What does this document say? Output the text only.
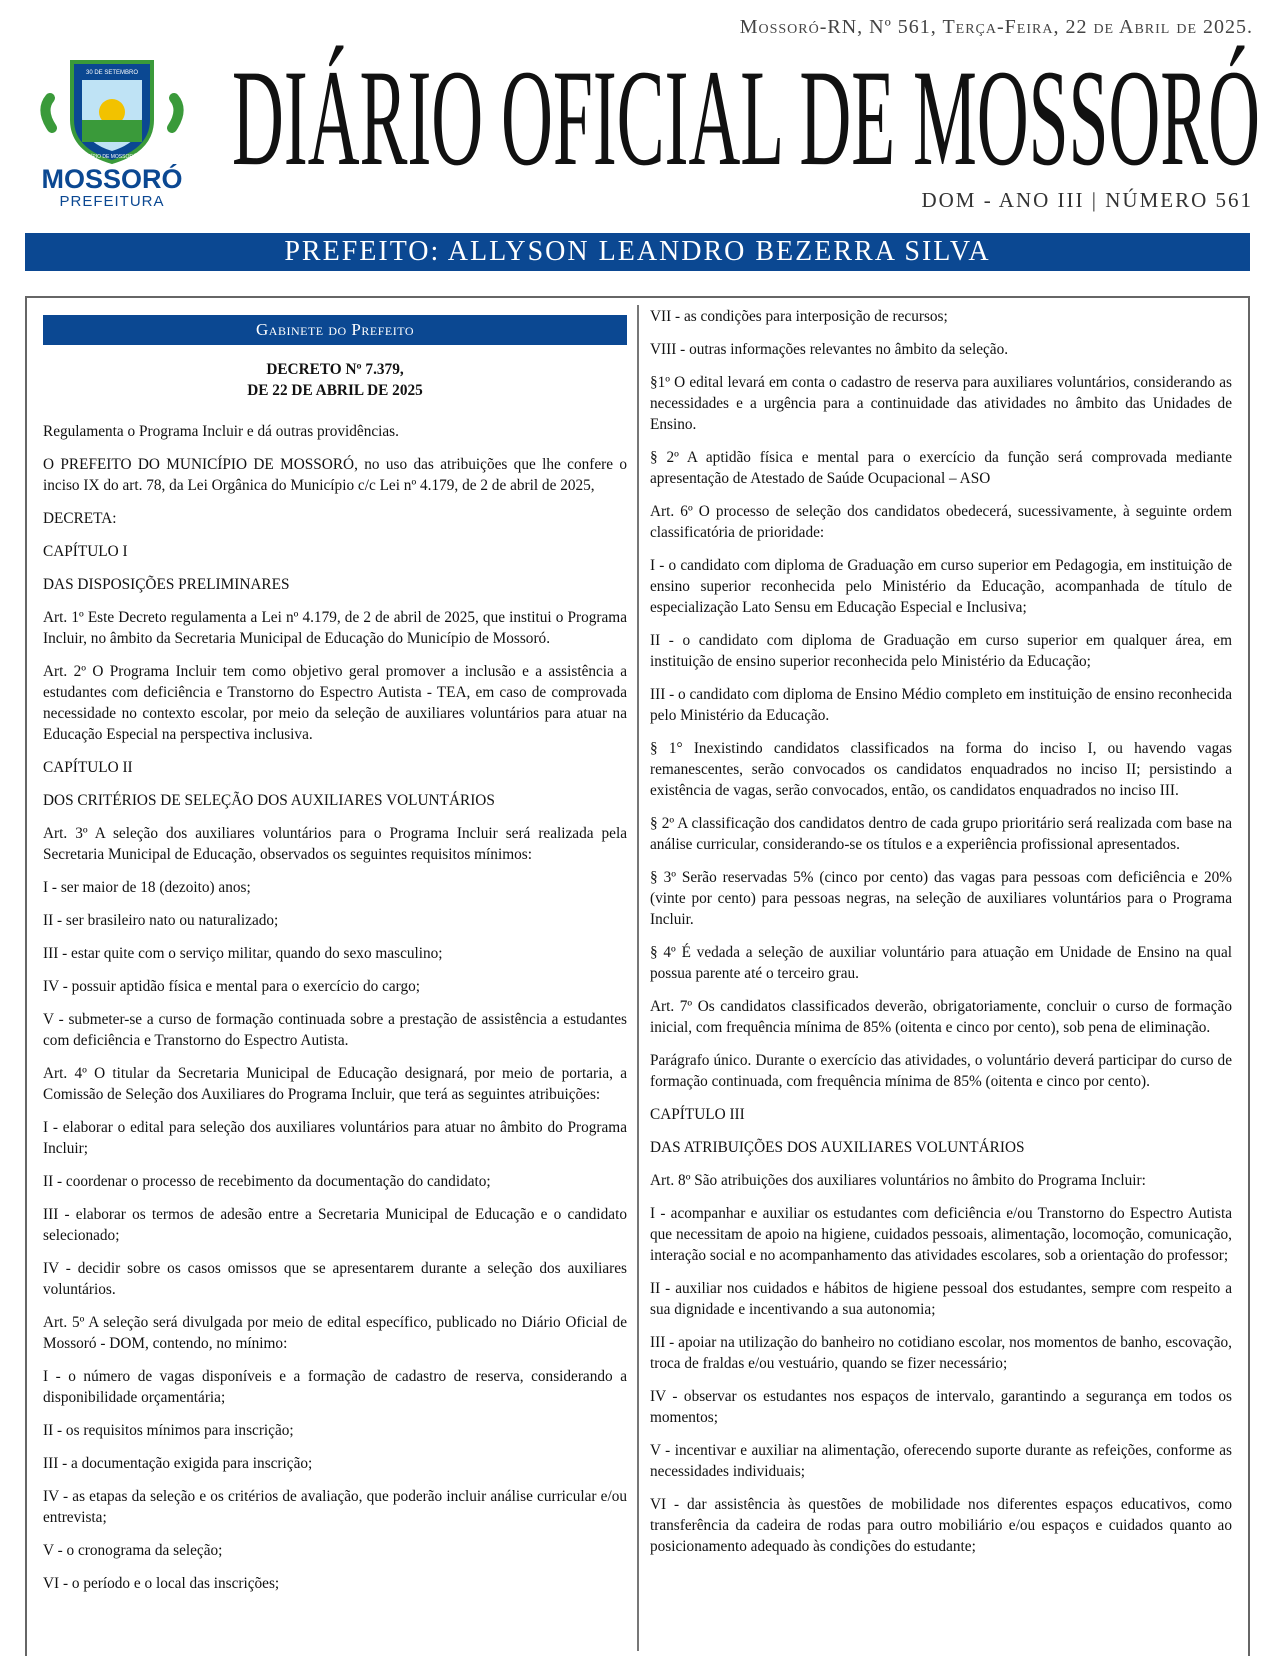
Mossoró-RN, Nº 561, Terça-Feira, 22 de Abril de 2025.
30 DE SETEMBRO
MUNICÍPIO DE MOSSORÓ 1852
MOSSORÓ
PREFEITURA
DIÁRIO OFICIAL DE MOSSORÓ
DOM - ANO III | NÚMERO 561
PREFEITO: ALLYSON LEANDRO BEZERRA SILVA
Gabinete do Prefeito
DECRETO Nº 7.379,
DE 22 DE ABRIL DE 2025

Regulamenta o Programa Incluir e dá outras providências.

O PREFEITO DO MUNICÍPIO DE MOSSORÓ, no uso das atribuições que lhe confere o inciso IX do art. 78, da Lei Orgânica do Município c/c Lei nº 4.179, de 2 de abril de 2025,

DECRETA:

CAPÍTULO I

DAS DISPOSIÇÕES PRELIMINARES

Art. 1º Este Decreto regulamenta a Lei nº 4.179, de 2 de abril de 2025, que institui o Programa Incluir, no âmbito da Secretaria Municipal de Educação do Município de Mossoró.

Art. 2º O Programa Incluir tem como objetivo geral promover a inclusão e a assistência a estudantes com deficiência e Transtorno do Espectro Autista - TEA, em caso de comprovada necessidade no contexto escolar, por meio da seleção de auxiliares voluntários para atuar na Educação Especial na perspectiva inclusiva.

CAPÍTULO II

DOS CRITÉRIOS DE SELEÇÃO DOS AUXILIARES VOLUNTÁRIOS

Art. 3º A seleção dos auxiliares voluntários para o Programa Incluir será realizada pela Secretaria Municipal de Educação, observados os seguintes requisitos mínimos:

I - ser maior de 18 (dezoito) anos;

II - ser brasileiro nato ou naturalizado;

III - estar quite com o serviço militar, quando do sexo masculino;

IV - possuir aptidão física e mental para o exercício do cargo;

V - submeter-se a curso de formação continuada sobre a prestação de assistência a estudantes com deficiência e Transtorno do Espectro Autista.

Art. 4º O titular da Secretaria Municipal de Educação designará, por meio de portaria, a Comissão de Seleção dos Auxiliares do Programa Incluir, que terá as seguintes atribuições:

I - elaborar o edital para seleção dos auxiliares voluntários para atuar no âmbito do Programa Incluir;

II - coordenar o processo de recebimento da documentação do candidato;

III - elaborar os termos de adesão entre a Secretaria Municipal de Educação e o candidato selecionado;

IV - decidir sobre os casos omissos que se apresentarem durante a seleção dos auxiliares voluntários.

Art. 5º A seleção será divulgada por meio de edital específico, publicado no Diário Oficial de Mossoró - DOM, contendo, no mínimo:

I - o número de vagas disponíveis e a formação de cadastro de reserva, considerando a disponibilidade orçamentária;

II - os requisitos mínimos para inscrição;

III - a documentação exigida para inscrição;

IV - as etapas da seleção e os critérios de avaliação, que poderão incluir análise curricular e/ou entrevista;

V - o cronograma da seleção;

VI - o período e o local das inscrições;

VII - as condições para interposição de recursos;

VIII - outras informações relevantes no âmbito da seleção.

§1º O edital levará em conta o cadastro de reserva para auxiliares voluntários, considerando as necessidades e a urgência para a continuidade das atividades no âmbito das Unidades de Ensino.

§ 2º A aptidão física e mental para o exercício da função será comprovada mediante apresentação de Atestado de Saúde Ocupacional – ASO

Art. 6º O processo de seleção dos candidatos obedecerá, sucessivamente, à seguinte ordem classificatória de prioridade:

I - o candidato com diploma de Graduação em curso superior em Pedagogia, em instituição de ensino superior reconhecida pelo Ministério da Educação, acompanhada de título de especialização Lato Sensu em Educação Especial e Inclusiva;

II - o candidato com diploma de Graduação em curso superior em qualquer área, em instituição de ensino superior reconhecida pelo Ministério da Educação;

III - o candidato com diploma de Ensino Médio completo em instituição de ensino reconhecida pelo Ministério da Educação.

§ 1° Inexistindo candidatos classificados na forma do inciso I, ou havendo vagas remanescentes, serão convocados os candidatos enquadrados no inciso II; persistindo a existência de vagas, serão convocados, então, os candidatos enquadrados no inciso III.

§ 2º A classificação dos candidatos dentro de cada grupo prioritário será realizada com base na análise curricular, considerando-se os títulos e a experiência profissional apresentados.

§ 3º Serão reservadas 5% (cinco por cento) das vagas para pessoas com deficiência e 20% (vinte por cento) para pessoas negras, na seleção de auxiliares voluntários para o Programa Incluir.

§ 4º É vedada a seleção de auxiliar voluntário para atuação em Unidade de Ensino na qual possua parente até o terceiro grau.

Art. 7º Os candidatos classificados deverão, obrigatoriamente, concluir o curso de formação inicial, com frequência mínima de 85% (oitenta e cinco por cento), sob pena de eliminação.

Parágrafo único. Durante o exercício das atividades, o voluntário deverá participar do curso de formação continuada, com frequência mínima de 85% (oitenta e cinco por cento).

CAPÍTULO III

DAS ATRIBUIÇÕES DOS AUXILIARES VOLUNTÁRIOS

Art. 8º São atribuições dos auxiliares voluntários no âmbito do Programa Incluir:

I - acompanhar e auxiliar os estudantes com deficiência e/ou Transtorno do Espectro Autista que necessitam de apoio na higiene, cuidados pessoais, alimentação, locomoção, comunicação, interação social e no acompanhamento das atividades escolares, sob a orientação do professor;

II - auxiliar nos cuidados e hábitos de higiene pessoal dos estudantes, sempre com respeito a sua dignidade e incentivando a sua autonomia;

III - apoiar na utilização do banheiro no cotidiano escolar, nos momentos de banho, escovação, troca de fraldas e/ou vestuário, quando se fizer necessário;

IV - observar os estudantes nos espaços de intervalo, garantindo a segurança em todos os momentos;

V - incentivar e auxiliar na alimentação, oferecendo suporte durante as refeições, conforme as necessidades individuais;

VI - dar assistência às questões de mobilidade nos diferentes espaços educativos, como transferência da cadeira de rodas para outro mobiliário e/ou espaços e cuidados quanto ao posicionamento adequado às condições do estudante;
